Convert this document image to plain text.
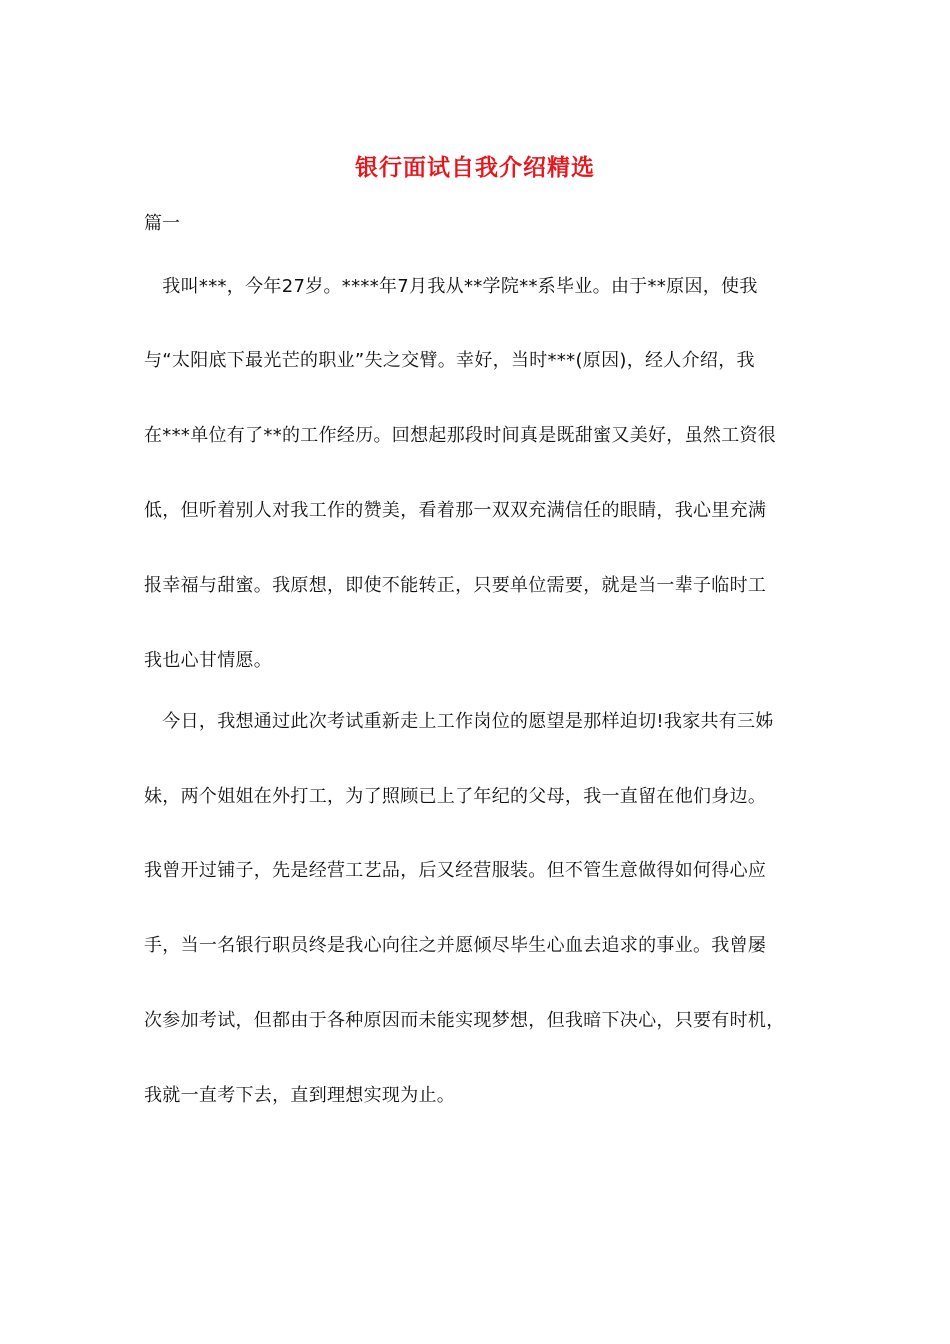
银行面试自我介绍精选
篇一
　我叫***，今年27岁。****年7月我从**学院**系毕业。由于**原因，使我
与“太阳底下最光芒的职业”失之交臂。幸好，当时***(原因)，经人介绍，我
在***单位有了**的工作经历。回想起那段时间真是既甜蜜又美好，虽然工资很
低，但听着别人对我工作的赞美，看着那一双双充满信任的眼睛，我心里充满
报幸福与甜蜜。我原想，即使不能转正，只要单位需要，就是当一辈子临时工
我也心甘情愿。
　今日，我想通过此次考试重新走上工作岗位的愿望是那样迫切!我家共有三姊
妹，两个姐姐在外打工，为了照顾已上了年纪的父母，我一直留在他们身边。
我曾开过铺子，先是经营工艺品，后又经营服装。但不管生意做得如何得心应
手，当一名银行职员终是我心向往之并愿倾尽毕生心血去追求的事业。我曾屡
次参加考试，但都由于各种原因而未能实现梦想，但我暗下决心，只要有时机，
我就一直考下去，直到理想实现为止。
